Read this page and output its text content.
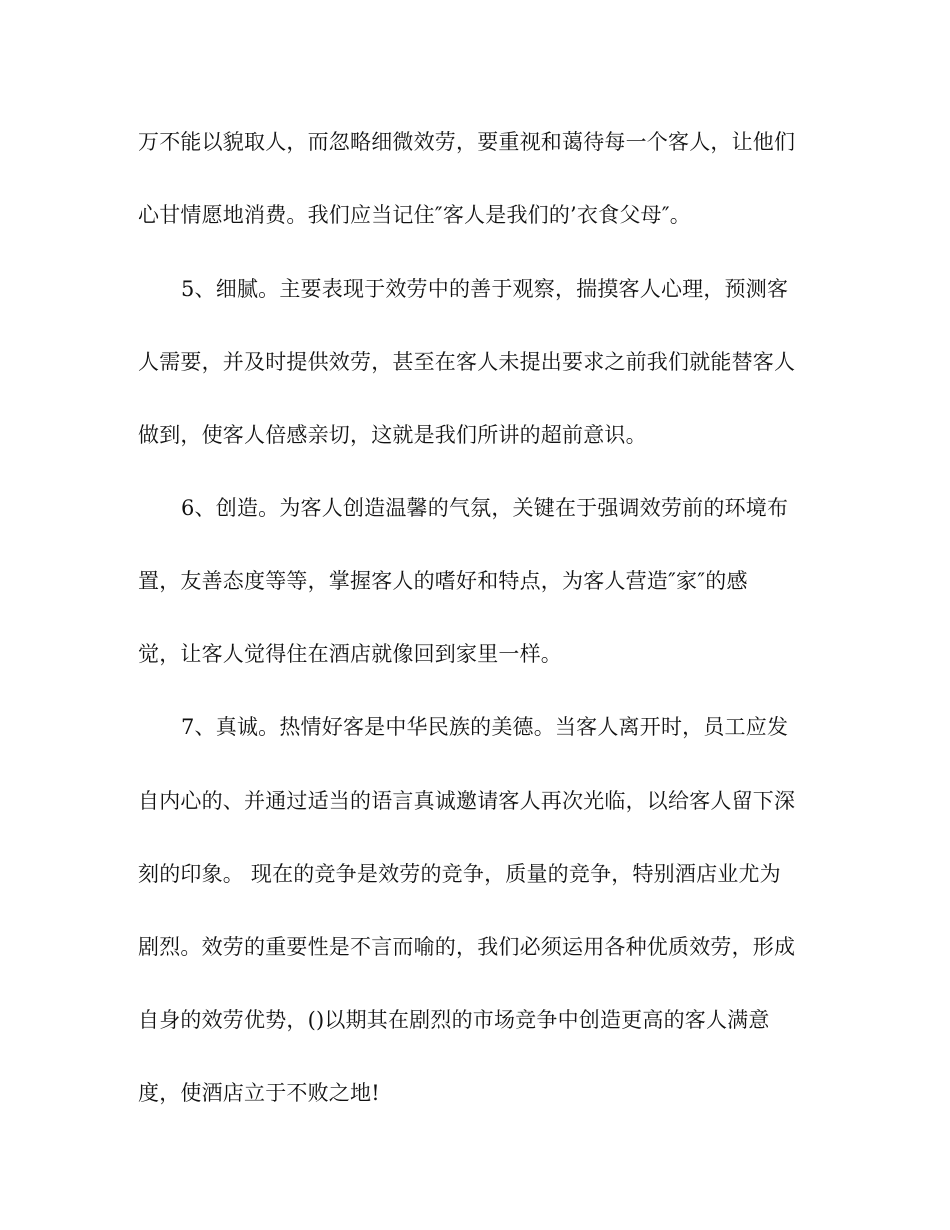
万不能以貌取人，而忽略细微效劳，要重视和蔼待每一个客人，让他们
心甘情愿地消费。我们应当记住″客人是我们的’衣食父母″。
5、细腻。主要表现于效劳中的善于观察，揣摸客人心理，预测客
人需要，并及时提供效劳，甚至在客人未提出要求之前我们就能替客人
做到，使客人倍感亲切，这就是我们所讲的超前意识。
6、创造。为客人创造温馨的气氛，关键在于强调效劳前的环境布
置，友善态度等等，掌握客人的嗜好和特点，为客人营造″家″的感
觉，让客人觉得住在酒店就像回到家里一样。
7、真诚。热情好客是中华民族的美德。当客人离开时，员工应发
自内心的、并通过适当的语言真诚邀请客人再次光临，以给客人留下深
刻的印象。 现在的竞争是效劳的竞争，质量的竞争，特别酒店业尤为
剧烈。效劳的重要性是不言而喻的，我们必须运用各种优质效劳，形成
自身的效劳优势，()以期其在剧烈的市场竞争中创造更高的客人满意
度，使酒店立于不败之地!
